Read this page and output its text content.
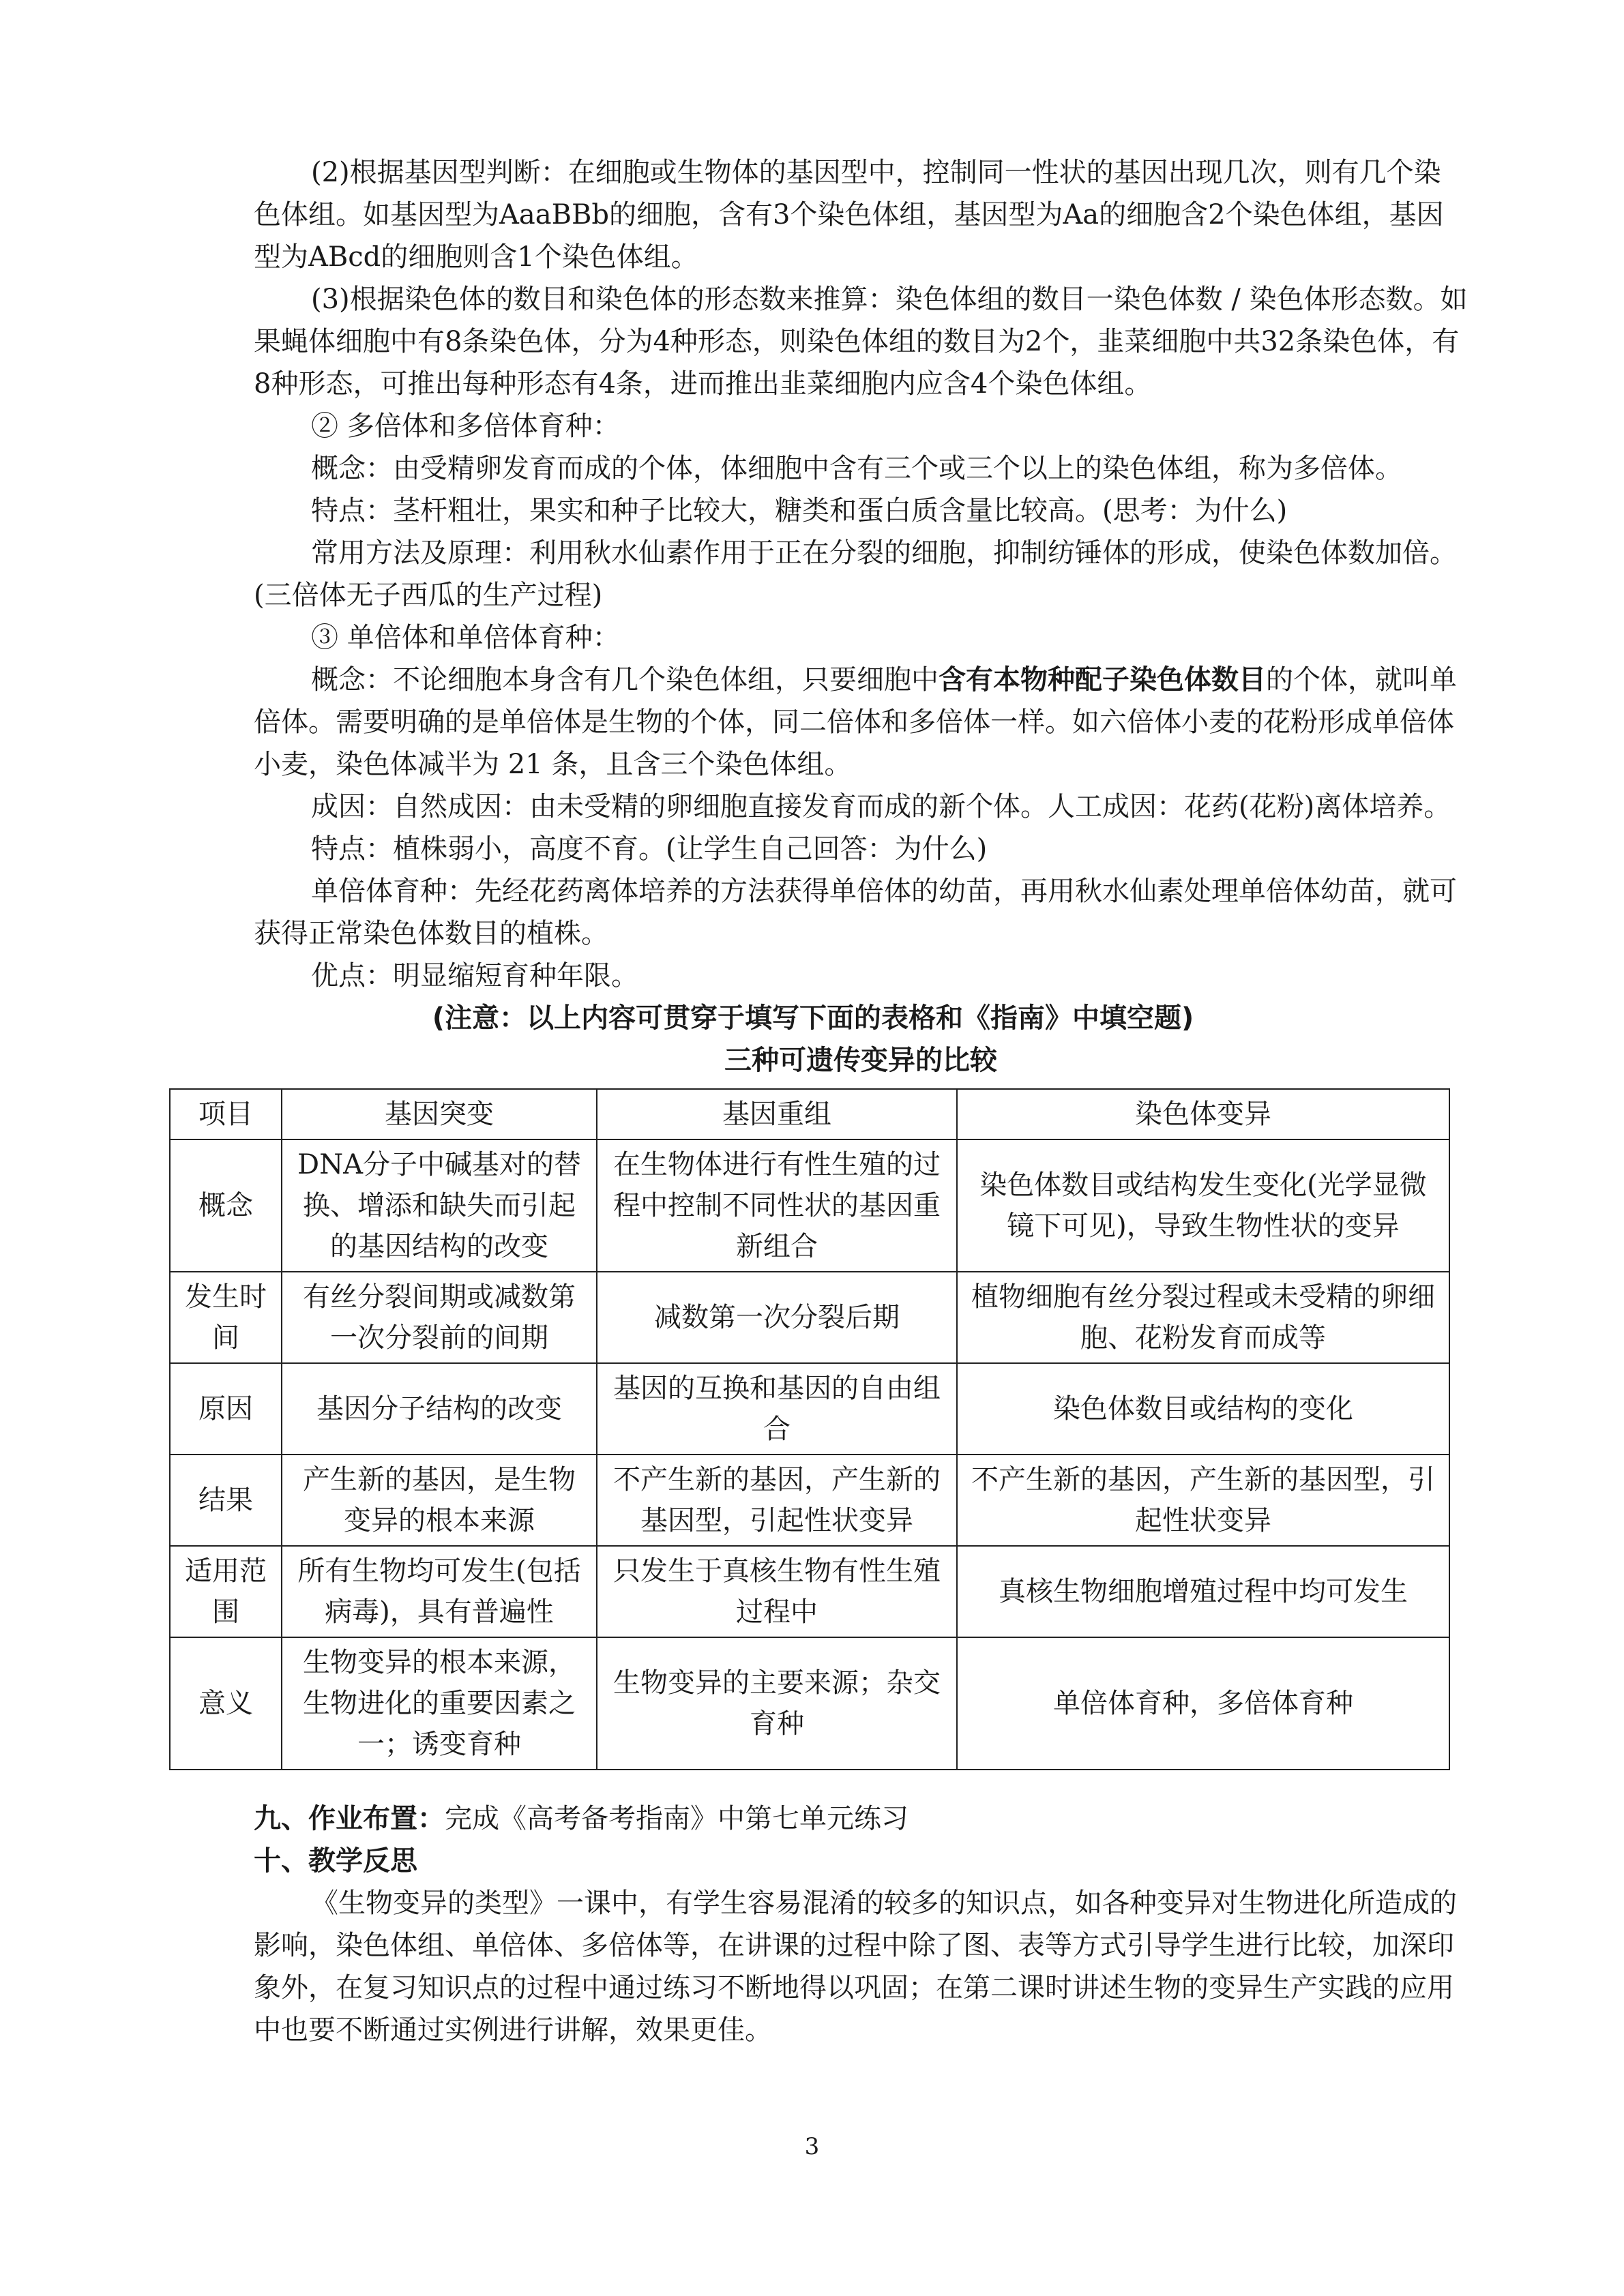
(2)根据基因型判断：在细胞或生物体的基因型中，控制同一性状的基因出现几次，则有几个染色体组。如基因型为AaaBBb的细胞，含有3个染色体组，基因型为Aa的细胞含2个染色体组，基因型为ABcd的细胞则含1个染色体组。

(3)根据染色体的数目和染色体的形态数来推算：染色体组的数目一染色体数 / 染色体形态数。如果蝇体细胞中有8条染色体，分为4种形态，则染色体组的数目为2个，韭菜细胞中共32条染色体，有8种形态，可推出每种形态有4条，进而推出韭菜细胞内应含4个染色体组。

② 多倍体和多倍体育种：

概念：由受精卵发育而成的个体，体细胞中含有三个或三个以上的染色体组，称为多倍体。

特点：茎杆粗壮，果实和种子比较大，糖类和蛋白质含量比较高。(思考：为什么)

常用方法及原理：利用秋水仙素作用于正在分裂的细胞，抑制纺锤体的形成，使染色体数加倍。(三倍体无子西瓜的生产过程)

③ 单倍体和单倍体育种：

概念：不论细胞本身含有几个染色体组，只要细胞中含有本物种配子染色体数目的个体，就叫单倍体。需要明确的是单倍体是生物的个体，同二倍体和多倍体一样。如六倍体小麦的花粉形成单倍体小麦，染色体减半为 21 条，且含三个染色体组。

成因：自然成因：由未受精的卵细胞直接发育而成的新个体。人工成因：花药(花粉)离体培养。

特点：植株弱小，高度不育。(让学生自己回答：为什么)

单倍体育种：先经花药离体培养的方法获得单倍体的幼苗，再用秋水仙素处理单倍体幼苗，就可获得正常染色体数目的植株。

优点：明显缩短育种年限。

(注意：以上内容可贯穿于填写下面的表格和《指南》中填空题)

三种可遗传变异的比较

项目	基因突变	基因重组	染色体变异
概念	DNA分子中碱基对的替换、增添和缺失而引起的基因结构的改变	在生物体进行有性生殖的过程中控制不同性状的基因重新组合	染色体数目或结构发生变化(光学显微镜下可见)，导致生物性状的变异
发生时间	有丝分裂间期或减数第一次分裂前的间期	减数第一次分裂后期	植物细胞有丝分裂过程或未受精的卵细胞、花粉发育而成等
原因	基因分子结构的改变	基因的互换和基因的自由组合	染色体数目或结构的变化
结果	产生新的基因，是生物变异的根本来源	不产生新的基因，产生新的基因型，引起性状变异	不产生新的基因，产生新的基因型，引起性状变异
适用范围	所有生物均可发生(包括病毒)，具有普遍性	只发生于真核生物有性生殖过程中	真核生物细胞增殖过程中均可发生
意义	生物变异的根本来源，生物进化的重要因素之一；诱变育种	生物变异的主要来源；杂交育种	单倍体育种，多倍体育种

九、作业布置：完成《高考备考指南》中第七单元练习

十、教学反思

《生物变异的类型》一课中，有学生容易混淆的较多的知识点，如各种变异对生物进化所造成的影响，染色体组、单倍体、多倍体等，在讲课的过程中除了图、表等方式引导学生进行比较，加深印象外，在复习知识点的过程中通过练习不断地得以巩固；在第二课时讲述生物的变异生产实践的应用中也要不断通过实例进行讲解，效果更佳。

3
